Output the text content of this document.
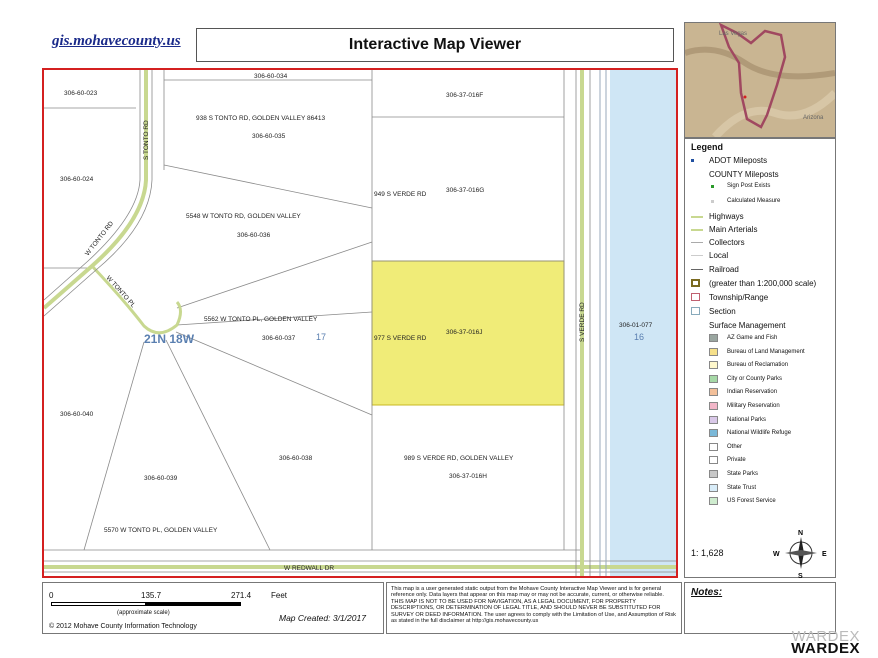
gis.mohavecounty.us	Interactive Map Viewer
306-60-023
306-60-034
306-37-016F
938 S TONTO RD, GOLDEN VALLEY 86413
306-60-035
306-60-024
949 S VERDE RD
306-37-016G
5548 W TONTO RD, GOLDEN VALLEY
306-60-036
5562 W TONTO PL, GOLDEN VALLEY
306-60-037	977 S VERDE RD
306-37-016J
306-01-077
306-60-040
306-60-038	989 S VERDE RD, GOLDEN VALLEY
306-37-016H
306-60-039
5570 W TONTO PL, GOLDEN VALLEY
S TONTO RD
W TONTO RD
W TONTO PL
S VERDE RD
W REDWALL DR
21N 18W	17	16
Las Vegas
Arizona
Legend
ADOT Mileposts
COUNTY Mileposts
Sign Post Exists
Calculated Measure
Highways
Main Arterials
Collectors
Local
Railroad
(greater than 1:200,000 scale)
Township/Range
Section
Surface Management
AZ Game and Fish
Bureau of Land Management
Bureau of Reclamation
City or County Parks
Indian Reservation
Military Reservation
National Parks
National Wildlife Refuge
Other
Private
State Parks
State Trust
US Forest Service
1: 1,628
N
S
W	E
0	135.7	271.4 Feet
(approximate scale)	Map Created: 3/1/2017
© 2012 Mohave County Information Technology
This map is a user generated static output from the Mohave County Interactive Map Viewer and is for general reference only. Data layers that appear on this map may or may not be accurate, current, or otherwise reliable. THIS MAP IS NOT TO BE USED FOR NAVIGATION, AS A LEGAL DOCUMENT, FOR PROPERTY DESCRIPTIONS, OR DETERMINATION OF LEGAL TITLE, AND SHOULD NEVER BE SUBSTITUTED FOR SURVEY OR DEED INFORMATION. The user agrees to comply with the Limitation of Use, and Assumption of Risk as stated in the full disclaimer at http://gis.mohavecounty.us
Notes:
WARDEX
WARDEX
